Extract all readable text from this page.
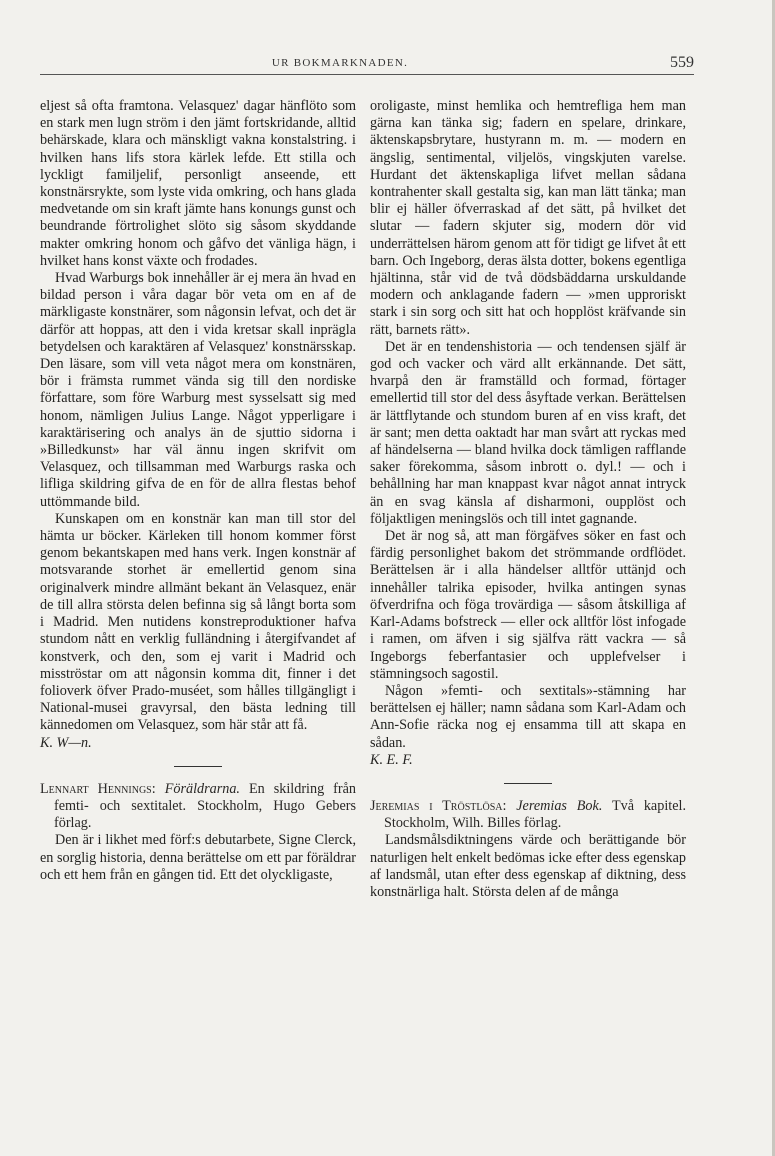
UR BOKMARKNADEN.	559

eljest så ofta framtona. Velasquez' dagar hänflöto som en stark men lugn ström i den jämt fortskridande, alltid behärskade, klara och mänskligt vakna konstalstring. i hvilken hans lifs stora kärlek lefde. Ett stilla och lyckligt familjelif, personligt anseende, ett konstnärsrykte, som lyste vida omkring, och hans glada medvetande om sin kraft jämte hans konungs gunst och beundrande förtrolighet slöto sig såsom skyddande makter omkring honom och gåfvo det vänliga hägn, i hvilket hans konst växte och frodades.

Hvad Warburgs bok innehåller är ej mera än hvad en bildad person i våra dagar bör veta om en af de märkligaste konstnärer, som någonsin lefvat, och det är därför att hoppas, att den i vida kretsar skall inprägla betydelsen och karaktären af Velasquez' konstnärsskap. Den läsare, som vill veta något mera om konstnären, bör i främsta rummet vända sig till den nordiske författare, som före Warburg mest sysselsatt sig med honom, nämligen Julius Lange. Något ypperligare i karaktärisering och analys än de sjuttio sidorna i »Billedkunst» har väl ännu ingen skrifvit om Velasquez, och tillsamman med Warburgs raska och lifliga skildring gifva de en för de allra flestas behof uttömmande bild.

Kunskapen om en konstnär kan man till stor del hämta ur böcker. Kärleken till honom kommer först genom bekantskapen med hans verk. Ingen konstnär af motsvarande storhet är emellertid genom sina originalverk mindre allmänt bekant än Velasquez, enär de till allra största delen befinna sig så långt borta som i Madrid. Men nutidens konstreproduktioner hafva stundom nått en verklig fulländning i återgifvandet af konstverk, och den, som ej varit i Madrid och misströstar om att någonsin komma dit, finner i det folioverk öfver Prado-muséet, som hålles tillgängligt i National-musei gravyrsal, den bästa ledning till kännedomen om Velasquez, som här står att få.

K. W—n.

Lennart Hennings: Föräldrarna. En skildring från femti- och sextitalet. Stockholm, Hugo Gebers förlag.

Den är i likhet med förf:s debutarbete, Signe Clerck, en sorglig historia, denna berättelse om ett par föräldrar och ett hem från en gången tid. Ett det olyckligaste,

oroligaste, minst hemlika och hemtrefliga hem man gärna kan tänka sig; fadern en spelare, drinkare, äktenskapsbrytare, hustyrann m. m. — modern en ängslig, sentimental, viljelös, vingskjuten varelse. Hurdant det äktenskapliga lifvet mellan sådana kontrahenter skall gestalta sig, kan man lätt tänka; man blir ej häller öfverraskad af det sätt, på hvilket det slutar — fadern skjuter sig, modern dör vid underrättelsen härom genom att för tidigt ge lifvet åt ett barn. Och Ingeborg, deras älsta dotter, bokens egentliga hjältinna, står vid de två dödsbäddarna urskuldande modern och anklagande fadern — »men upproriskt stark i sin sorg och sitt hat och hopplöst kräfvande sin rätt, barnets rätt».

Det är en tendenshistoria — och tendensen själf är god och vacker och värd allt erkännande. Det sätt, hvarpå den är framställd och formad, förtager emellertid till stor del dess åsyftade verkan. Berättelsen är lättflytande och stundom buren af en viss kraft, det är sant; men detta oaktadt har man svårt att ryckas med af händelserna — bland hvilka dock tämligen rafflande saker förekomma, såsom inbrott o. dyl.! — och i behållning har man knappast kvar något annat intryck än en svag känsla af disharmoni, oupplöst och följaktligen meningslös och till intet gagnande.

Det är nog så, att man förgäfves söker en fast och färdig personlighet bakom det strömmande ordflödet. Berättelsen är i alla händelser alltför uttänjd och innehåller talrika episoder, hvilka antingen synas öfverdrifna och föga trovärdiga — såsom åtskilliga af Karl-Adams bofstreck — eller ock alltför löst infogade i ramen, om äfven i sig själfva rätt vackra — så Ingeborgs feberfantasier och upplefvelser i stämningsoch sagostil.

Någon »femti- och sextitals»-stämning har berättelsen ej häller; namn sådana som Karl-Adam och Ann-Sofie räcka nog ej ensamma till att skapa en sådan.

K. E. F.

Jeremias i Tröstlösa: Jeremias Bok. Två kapitel. Stockholm, Wilh. Billes förlag.

Landsmålsdiktningens värde och berättigande bör naturligen helt enkelt bedömas icke efter dess egenskap af landsmål, utan efter dess egenskap af diktning, dess konstnärliga halt. Största delen af de många
